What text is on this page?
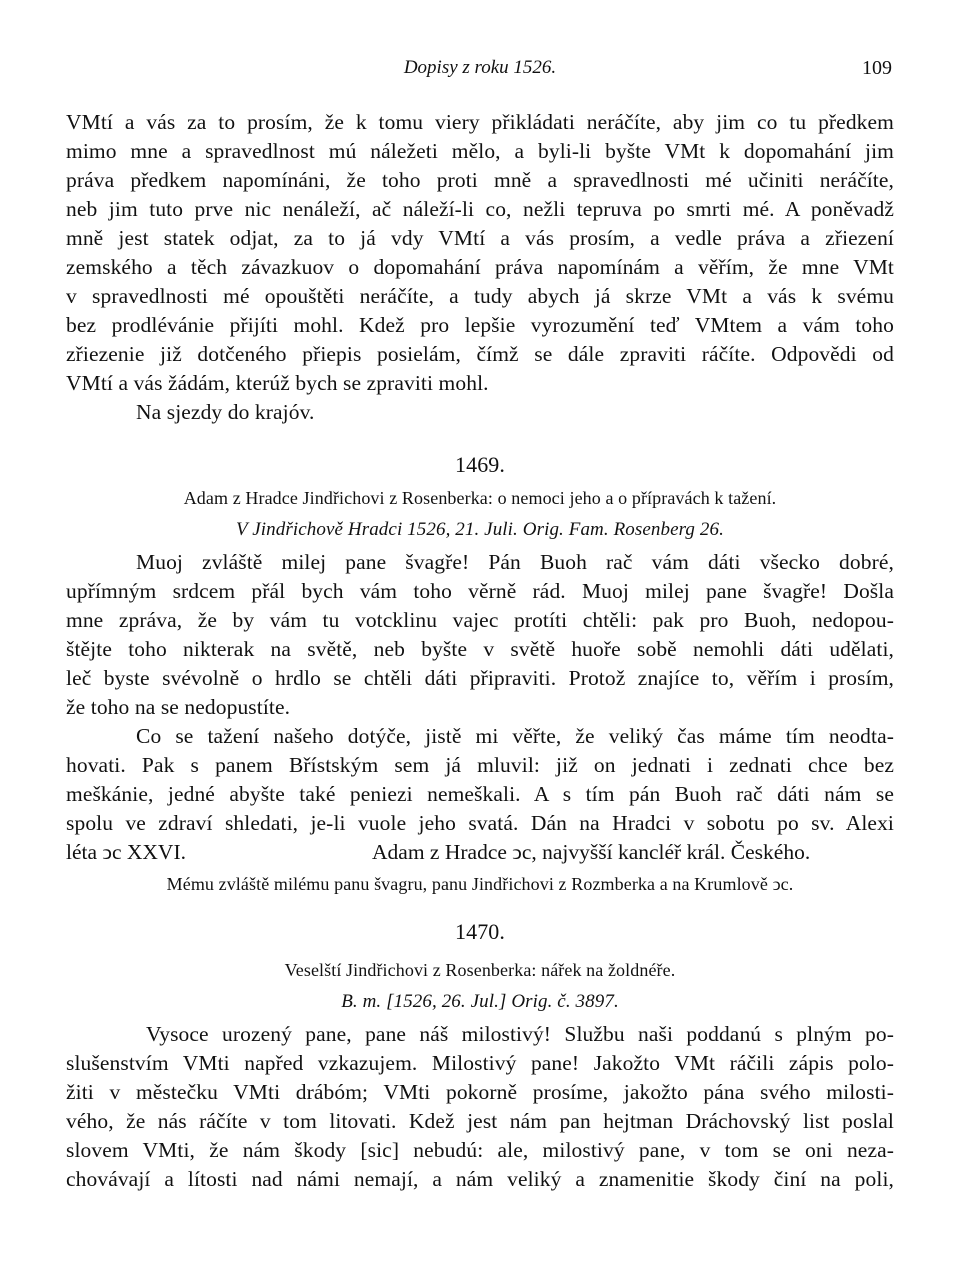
Dopisy z roku 1526.	109
VMtí a vás za to prosím, že k tomu viery přikládati neráčíte, aby jim co tu předkem
mimo mne a spravedlnost mú náležeti mělo, a byli-li byšte VMt k dopomahání jim
práva předkem napomínáni, že toho proti mně a spravedlnosti mé učiniti neráčíte,
neb jim tuto prve nic nenáleží, ač náleží-li co, nežli tepruva po smrti mé. A poněvadž
mně jest statek odjat, za to já vdy VMtí a vás prosím, a vedle práva a zřiezení
zemského a těch závazkuov o dopomahání práva napomínám a věřím, že mne VMt
v spravedlnosti mé opouštěti neráčíte, a tudy abych já skrze VMt a vás k svému
bez prodlévánie přijíti mohl. Kdež pro lepšie vyrozumění teď VMtem a vám toho
zřiezenie již dotčeného přiepis posielám, čímž se dále zpraviti ráčíte. Odpovědi od
VMtí a vás žádám, kterúž bych se zpraviti mohl.
Na sjezdy do krajóv.
1469.
Adam z Hradce Jindřichovi z Rosenberka: o nemoci jeho a o přípravách k tažení.
V Jindřichově Hradci 1526, 21. Juli. Orig. Fam. Rosenberg 26.
Muoj zvláště milej pane švagře! Pán Buoh rač vám dáti všecko dobré,
upřímným srdcem přál bych vám toho věrně rád. Muoj milej pane švagře! Došla
mne zpráva, že by vám tu votcklinu vajec protíti chtěli: pak pro Buoh, nedopou-
štějte toho nikterak na světě, neb byšte v světě huoře sobě nemohli dáti udělati,
leč byste svévolně o hrdlo se chtěli dáti připraviti. Protož znajíce to, věřím i prosím,
že toho na se nedopustíte.
Co se tažení našeho dotýče, jistě mi věřte, že veliký čas máme tím neodta-
hovati. Pak s panem Břístským sem já mluvil: již on jednati i zednati chce bez
meškánie, jedné abyšte také peniezi nemeškali. A s tím pán Buoh rač dáti nám se
spolu ve zdraví shledati, je-li vuole jeho svatá. Dán na Hradci v sobotu po sv. Alexi
léta ͻc XXVI.	Adam z Hradce ͻc, najvyšší kancléř král. Českého.
Mému zvláště milému panu švagru, panu Jindřichovi z Rozmberka a na Krumlově ͻc.
1470.
Veselští Jindřichovi z Rosenberka: nářek na žoldnéře.
B. m. [1526, 26. Jul.] Orig. č. 3897.
Vysoce urozený pane, pane náš milostivý! Službu naši poddanú s plným po-
slušenstvím VMti napřed vzkazujem. Milostivý pane! Jakožto VMt ráčili zápis polo-
žiti v městečku VMti drábóm; VMti pokorně prosíme, jakožto pána svého milosti-
vého, že nás ráčíte v tom litovati. Kdež jest nám pan hejtman Dráchovský list poslal
slovem VMti, že nám škody [sic] nebudú: ale, milostivý pane, v tom se oni neza-
chovávají a lítosti nad námi nemají, a nám veliký a znamenitie škody činí na poli,
